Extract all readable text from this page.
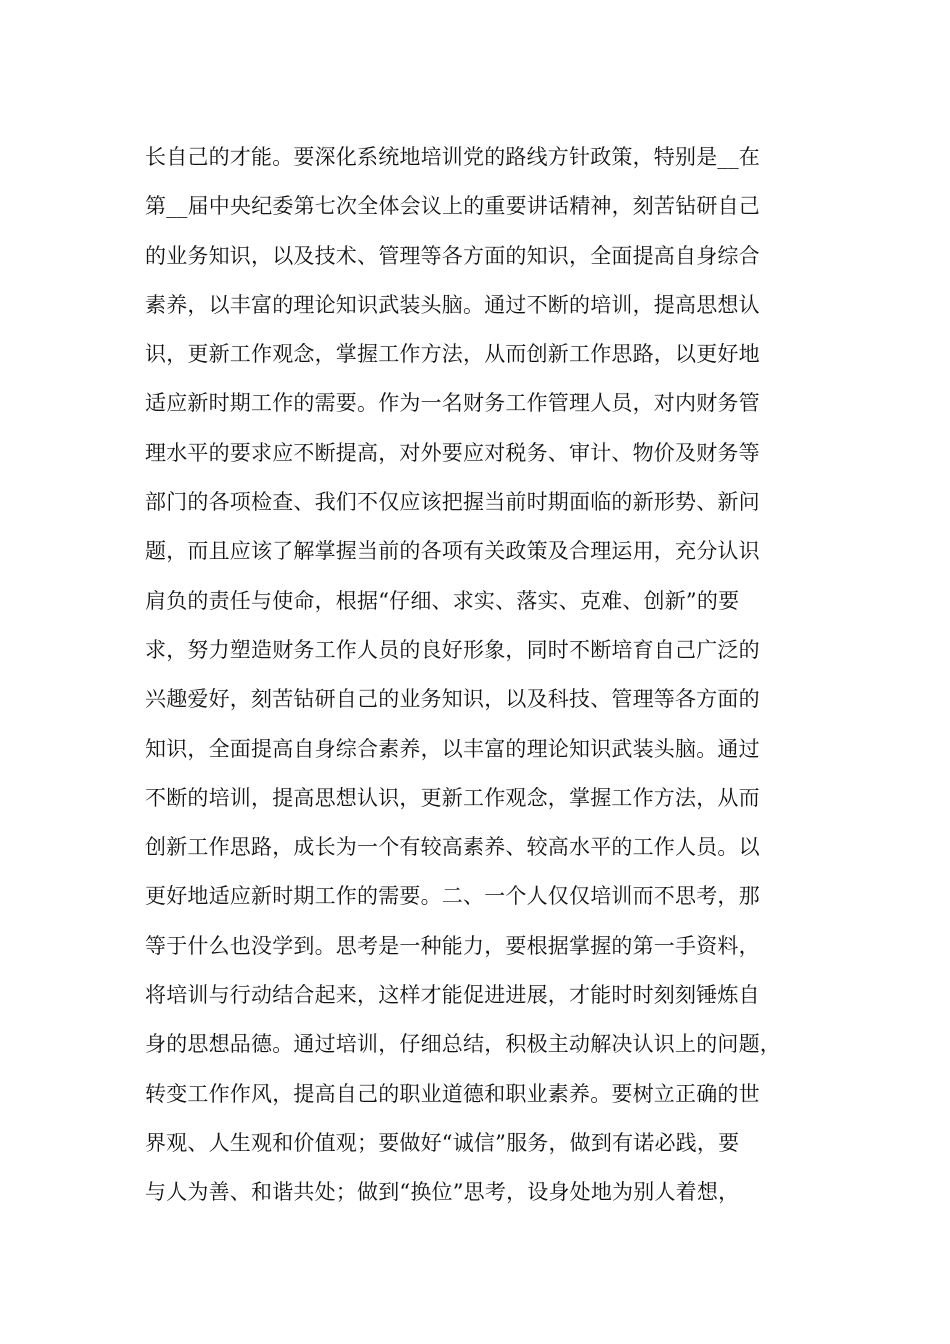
长自己的才能。要深化系统地培训党的路线方针政策，特别是__在
第__届中央纪委第七次全体会议上的重要讲话精神，刻苦钻研自己
的业务知识，以及技术、管理等各方面的知识，全面提高自身综合
素养，以丰富的理论知识武装头脑。通过不断的培训，提高思想认
识，更新工作观念，掌握工作方法，从而创新工作思路，以更好地
适应新时期工作的需要。作为一名财务工作管理人员，对内财务管
理水平的要求应不断提高，对外要应对税务、审计、物价及财务等
部门的各项检查、我们不仅应该把握当前时期面临的新形势、新问
题，而且应该了解掌握当前的各项有关政策及合理运用，充分认识
肩负的责任与使命，根据“仔细、求实、落实、克难、创新”的要
求，努力塑造财务工作人员的良好形象，同时不断培育自己广泛的
兴趣爱好，刻苦钻研自己的业务知识，以及科技、管理等各方面的
知识，全面提高自身综合素养，以丰富的理论知识武装头脑。通过
不断的培训，提高思想认识，更新工作观念，掌握工作方法，从而
创新工作思路，成长为一个有较高素养、较高水平的工作人员。以
更好地适应新时期工作的需要。二、一个人仅仅培训而不思考，那
等于什么也没学到。思考是一种能力，要根据掌握的第一手资料，
将培训与行动结合起来，这样才能促进进展，才能时时刻刻锤炼自
身的思想品德。通过培训，仔细总结，积极主动解决认识上的问题，
转变工作作风，提高自己的职业道德和职业素养。要树立正确的世
界观、人生观和价值观；要做好“诚信”服务，做到有诺必践，要
与人为善、和谐共处；做到“换位”思考，设身处地为别人着想，
